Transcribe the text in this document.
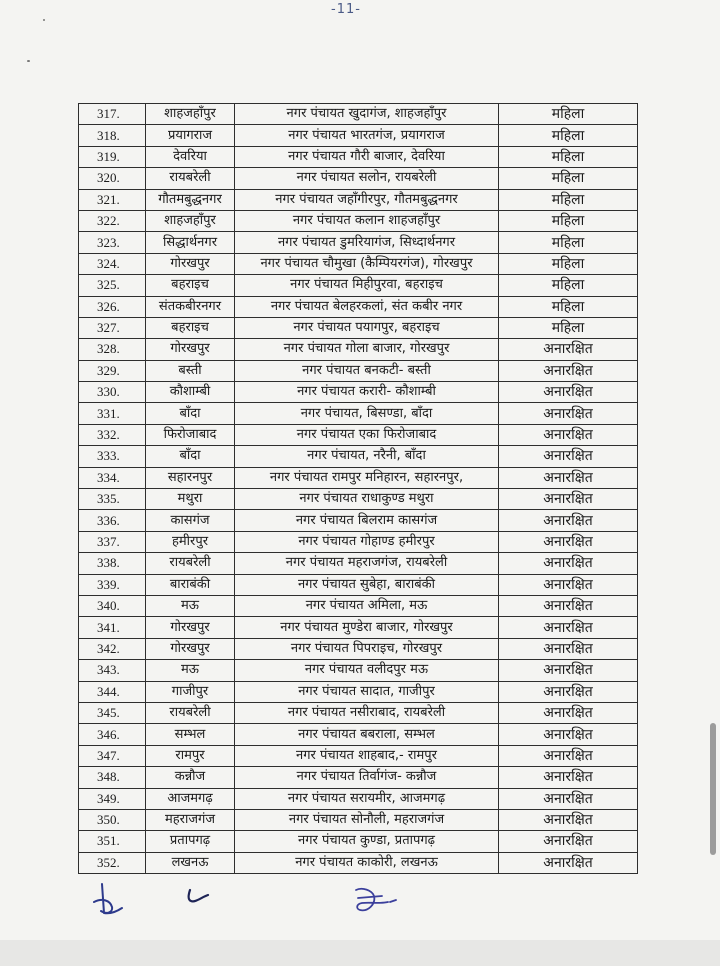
-11-
317.	शाहजहाँपुर	नगर पंचायत खुदागंज, शाहजहाँपुर	महिला
318.	प्रयागराज	नगर पंचायत भारतगंज, प्रयागराज	महिला
319.	देवरिया	नगर पंचायत गौरी बाजार, देवरिया	महिला
320.	रायबरेली	नगर पंचायत सलोन, रायबरेली	महिला
321.	गौतमबुद्धनगर	नगर पंचायत जहाँगीरपुर, गौतमबुद्धनगर	महिला
322.	शाहजहाँपुर	नगर पंचायत कलान शाहजहाँपुर	महिला
323.	सिद्धार्थनगर	नगर पंचायत डुमरियागंज, सिध्दार्थनगर	महिला
324.	गोरखपुर	नगर पंचायत चौमुखा (कैम्पियरगंज), गोरखपुर	महिला
325.	बहराइच	नगर पंचायत मिहीपुरवा, बहराइच	महिला
326.	संतकबीरनगर	नगर पंचायत बेलहरकलां, संत कबीर नगर	महिला
327.	बहराइच	नगर पंचायत पयागपुर, बहराइच	महिला
328.	गोरखपुर	नगर पंचायत गोला बाजार, गोरखपुर	अनारक्षित
329.	बस्ती	नगर पंचायत बनकटी- बस्ती	अनारक्षित
330.	कौशाम्बी	नगर पंचायत करारी- कौशाम्बी	अनारक्षित
331.	बाँदा	नगर पंचायत, बिसण्डा, बाँदा	अनारक्षित
332.	फिरोजाबाद	नगर पंचायत एका फिरोजाबाद	अनारक्षित
333.	बाँदा	नगर पंचायत, नरैनी, बाँदा	अनारक्षित
334.	सहारनपुर	नगर पंचायत रामपुर मनिहारन, सहारनपुर,	अनारक्षित
335.	मथुरा	नगर पंचायत राधाकुण्ड मथुरा	अनारक्षित
336.	कासगंज	नगर पंचायत बिलराम कासगंज	अनारक्षित
337.	हमीरपुर	नगर पंचायत गोहाण्ड हमीरपुर	अनारक्षित
338.	रायबरेली	नगर पंचायत महराजगंज, रायबरेली	अनारक्षित
339.	बाराबंकी	नगर पंचायत सुबेहा, बाराबंकी	अनारक्षित
340.	मऊ	नगर पंचायत अमिला, मऊ	अनारक्षित
341.	गोरखपुर	नगर पंचायत मुण्डेरा बाजार, गोरखपुर	अनारक्षित
342.	गोरखपुर	नगर पंचायत पिपराइच, गोरखपुर	अनारक्षित
343.	मऊ	नगर पंचायत वलीदपुर मऊ	अनारक्षित
344.	गाजीपुर	नगर पंचायत सादात, गाजीपुर	अनारक्षित
345.	रायबरेली	नगर पंचायत नसीराबाद, रायबरेली	अनारक्षित
346.	सम्भल	नगर पंचायत बबराला, सम्भल	अनारक्षित
347.	रामपुर	नगर पंचायत शाहबाद,- रामपुर	अनारक्षित
348.	कन्नौज	नगर पंचायत तिर्वागंज- कन्नौज	अनारक्षित
349.	आजमगढ़	नगर पंचायत सरायमीर, आजमगढ़	अनारक्षित
350.	महराजगंज	नगर पंचायत सोनौली, महराजगंज	अनारक्षित
351.	प्रतापगढ़	नगर पंचायत कुण्डा, प्रतापगढ़	अनारक्षित
352.	लखनऊ	नगर पंचायत काकोरी, लखनऊ	अनारक्षित
